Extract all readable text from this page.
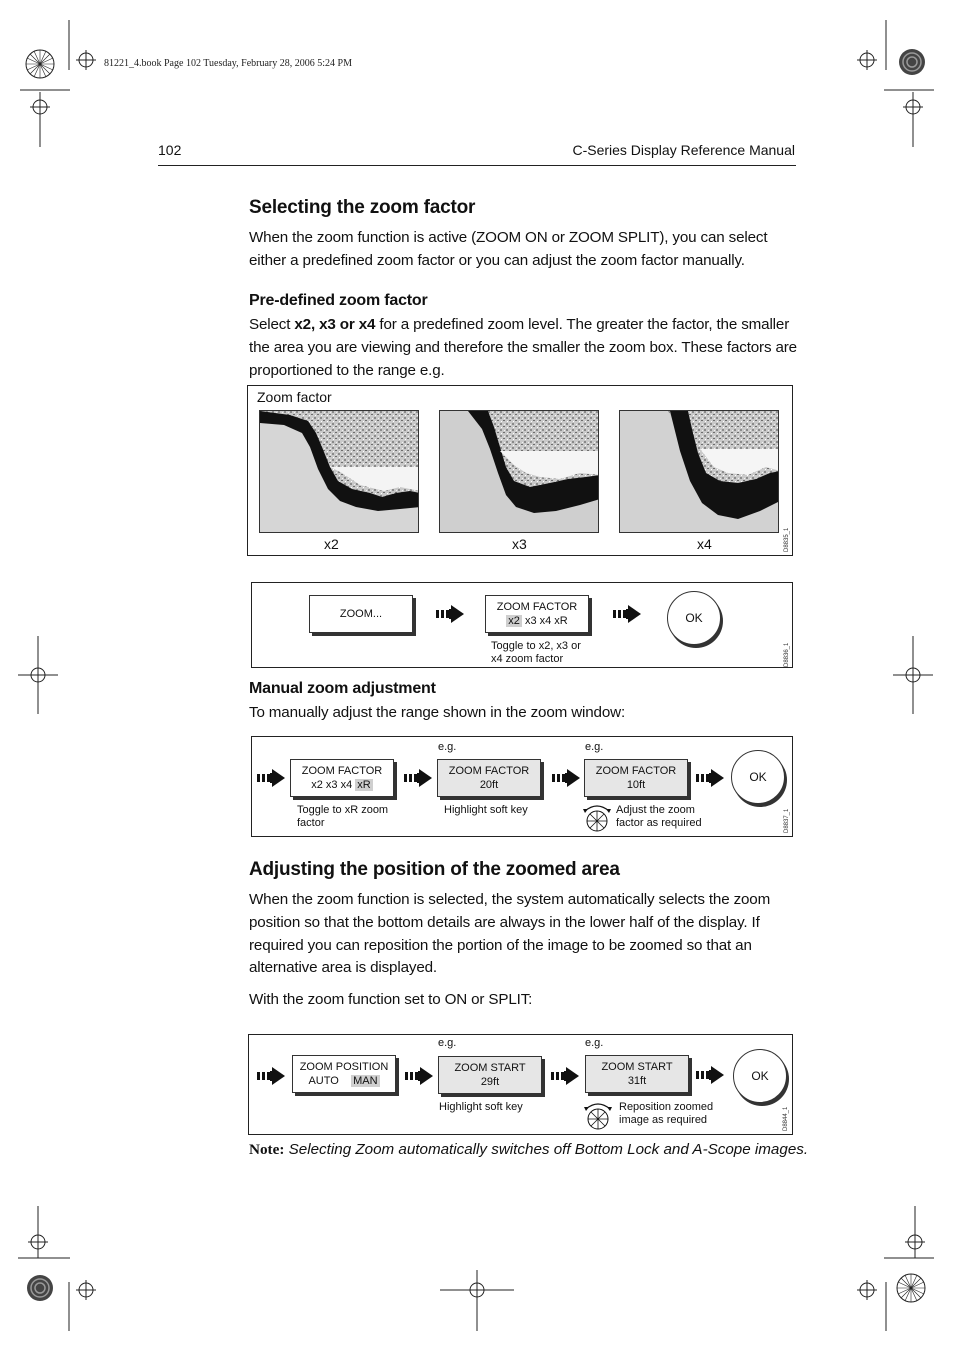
81221_4.book Page 102 Tuesday, February 28, 2006 5:24 PM
102	C-Series Display Reference Manual
Selecting the zoom factor
When the zoom function is active (ZOOM ON or ZOOM SPLIT), you can select either a predefined zoom factor or you can adjust the zoom factor manually.
Pre-defined zoom factor
Select x2, x3 or x4 for a predefined zoom level. The greater the factor, the smaller the area you are viewing and therefore the smaller the zoom box. These factors are proportioned to the range e.g.
Zoom factor
x2	x3	x4	D8835_1
ZOOM...
ZOOM FACTOR
x2 x3 x4 xR
Toggle to x2, x3 or
x4 zoom factor
OK
D8836_1
Manual zoom adjustment
To manually adjust the range shown in the zoom window:
ZOOM FACTOR
x2 x3 x4 xR
Toggle to xR zoom
factor
e.g.
ZOOM FACTOR
20ft
Highlight soft key
e.g.
ZOOM FACTOR
10ft
Adjust the zoom
factor as required
OK
D8837_1
Adjusting the position of the zoomed area
When the zoom function is selected, the system automatically selects the zoom position so that the bottom details are always in the lower half of the display. If required you can reposition the portion of the image to be zoomed so that an alternative area is displayed.
With the zoom function set to ON or SPLIT:
ZOOM POSITION
AUTO MAN
e.g.
ZOOM START
29ft
Highlight soft key
e.g.
ZOOM START
31ft
Reposition zoomed
image as required
OK
D8844_1
Note: Selecting Zoom automatically switches off Bottom Lock and A-Scope images.
